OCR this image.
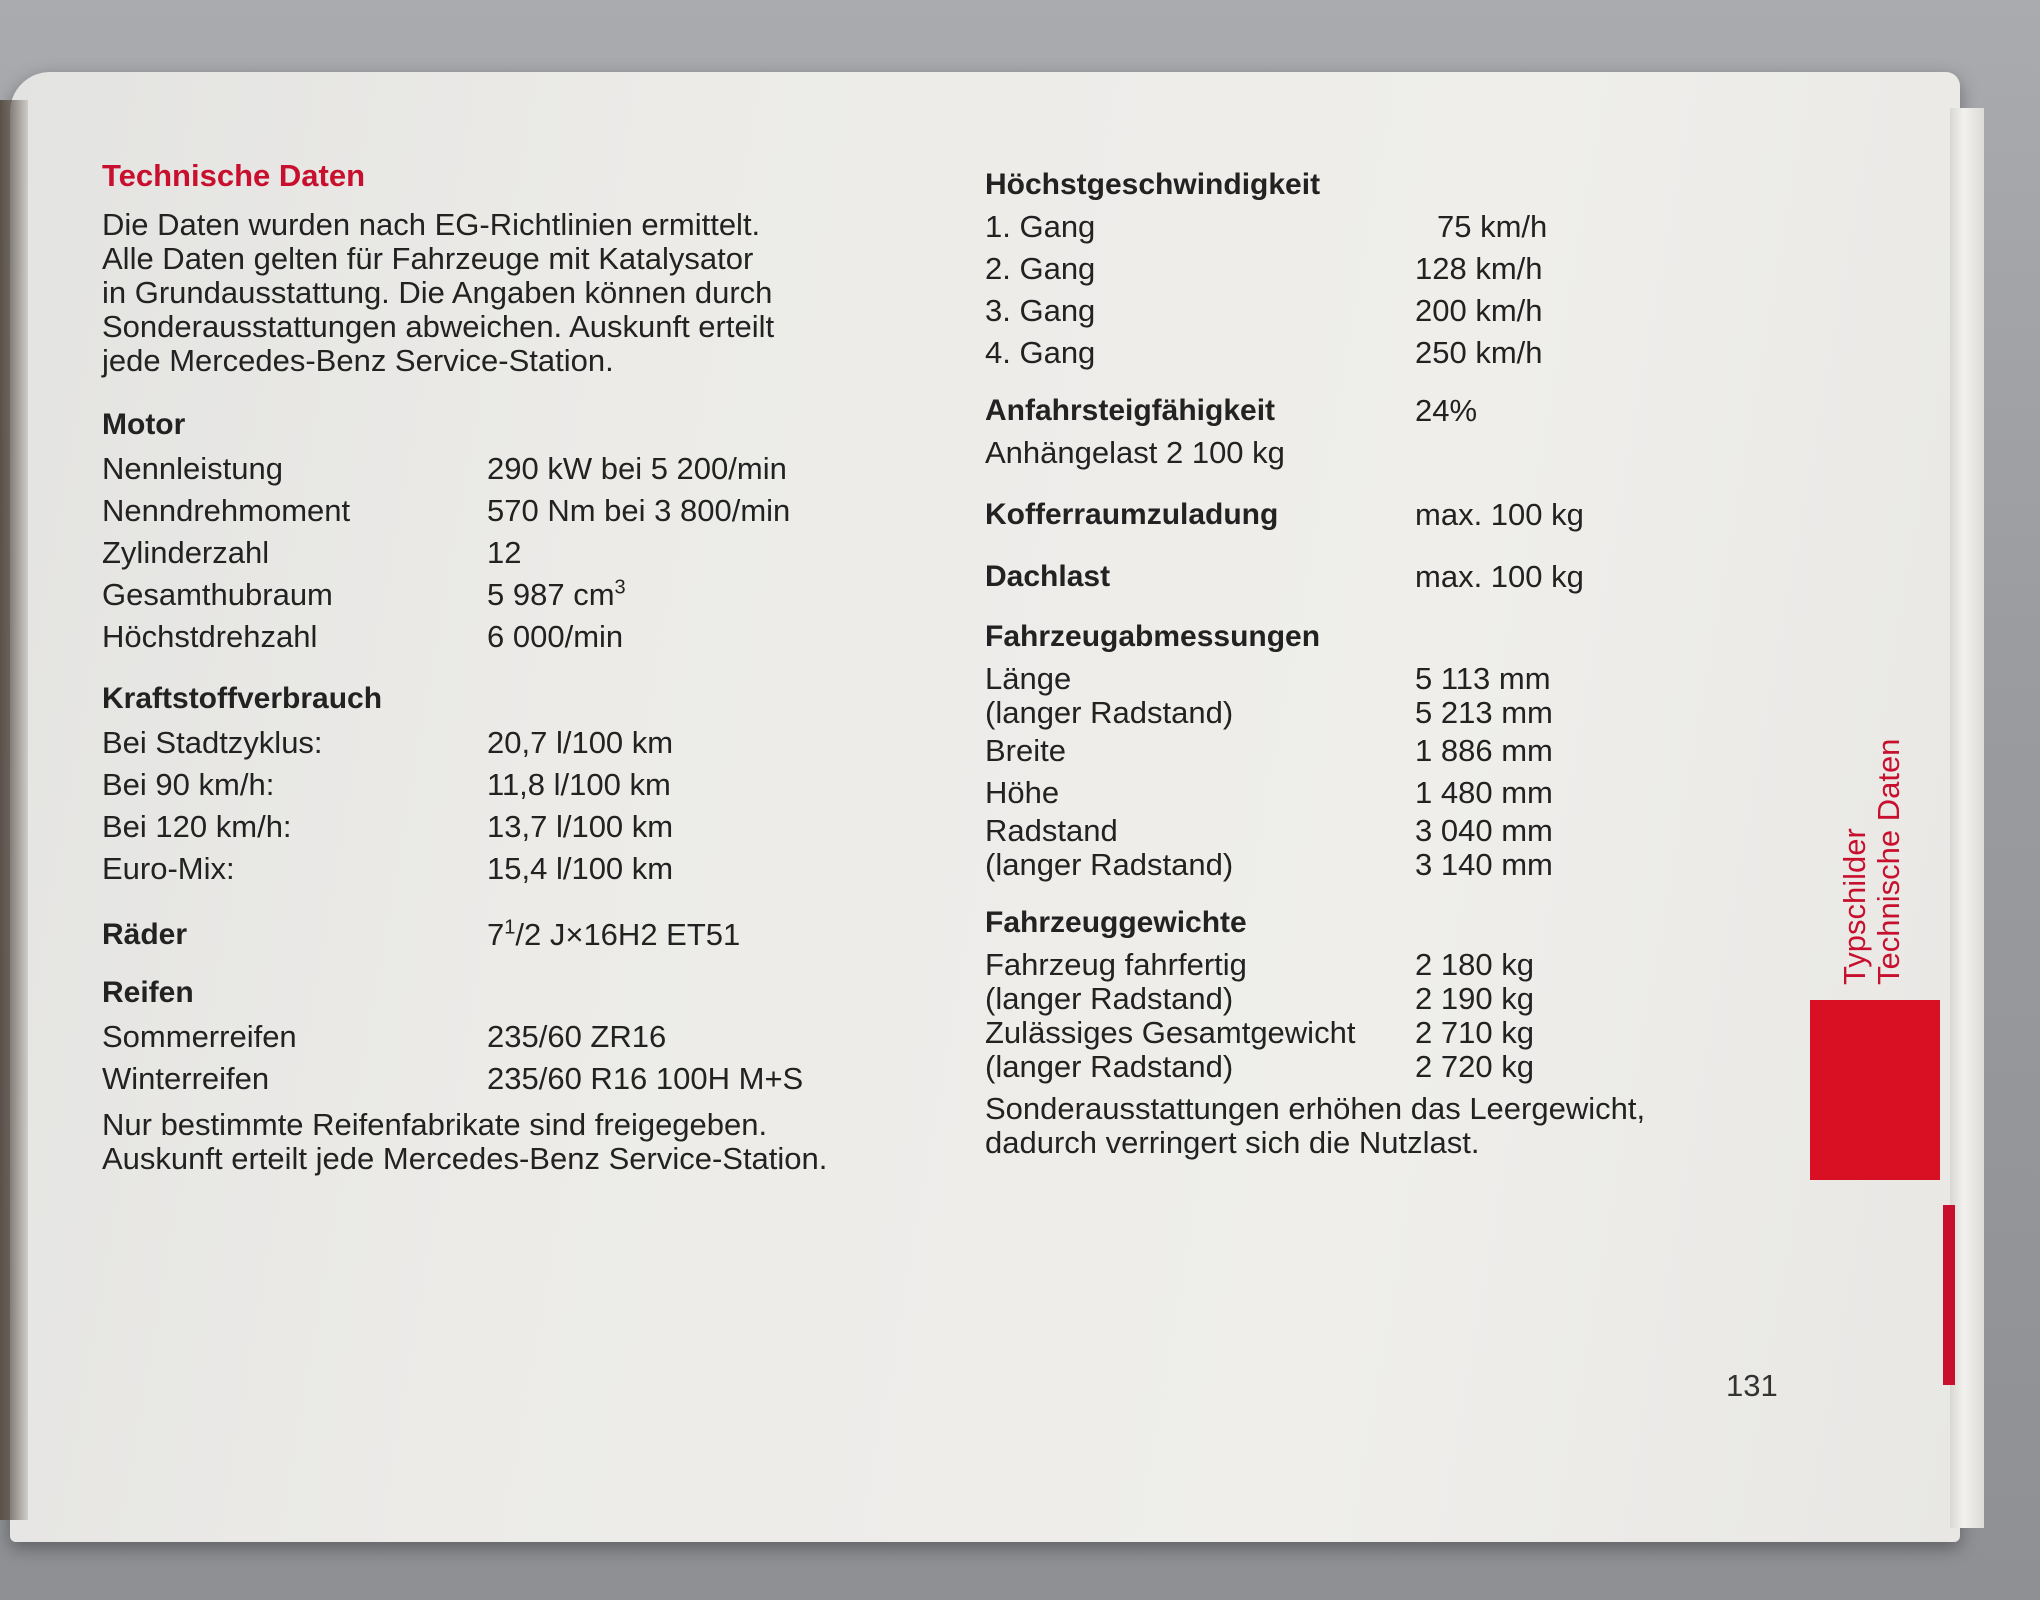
Technische Daten

Die Daten wurden nach EG-Richtlinien ermittelt.

Alle Daten gelten für Fahrzeuge mit Katalysator

in Grundausstattung. Die Angaben können durch

Sonderausstattungen abweichen. Auskunft erteilt

jede Mercedes-Benz Service-Station.

Motor
Nennleistung	290 kW bei 5 200/min
Nenndrehmoment	570 Nm bei 3 800/min
Zylinderzahl	12
Gesamthubraum	5 987 $cm^3$
Höchstdrehzahl	6 000/min
Kraftstoffverbrauch
Bei Stadtzyklus:	20,7 l/100 km
Bei 90 km/h:	11,8 l/100 km
Bei 120 km/h:	13,7 l/100 km
Euro-Mix:	15,4 l/100 km
Räder	$7^1/2$ J×16H2 ET51
Reifen
Sommerreifen	235/60 ZR16
Winterreifen	235/60 R16 100H M+S

Nur bestimmte Reifenfabrikate sind freigegeben.

Auskunft erteilt jede Mercedes-Benz Service-Station.

Höchstgeschwindigkeit
1. Gang	75 km/h
2. Gang	128 km/h
3. Gang	200 km/h
4. Gang	250 km/h
Anfahrsteigfähigkeit	24%
Anhängelast 2 100 kg
Kofferraumzuladung	max. 100 kg
Dachlast	max. 100 kg
Fahrzeugabmessungen
Länge	5 113 mm
(langer Radstand)	5 213 mm
Breite	1 886 mm
Höhe	1 480 mm
Radstand	3 040 mm
(langer Radstand)	3 140 mm
Fahrzeuggewichte
Fahrzeug fahrfertig	2 180 kg
(langer Radstand)	2 190 kg
Zulässiges Gesamtgewicht	2 710 kg
(langer Radstand)	2 720 kg

Sonderausstattungen erhöhen das Leergewicht,

dadurch verringert sich die Nutzlast.

Typschilder Technische Daten
131
